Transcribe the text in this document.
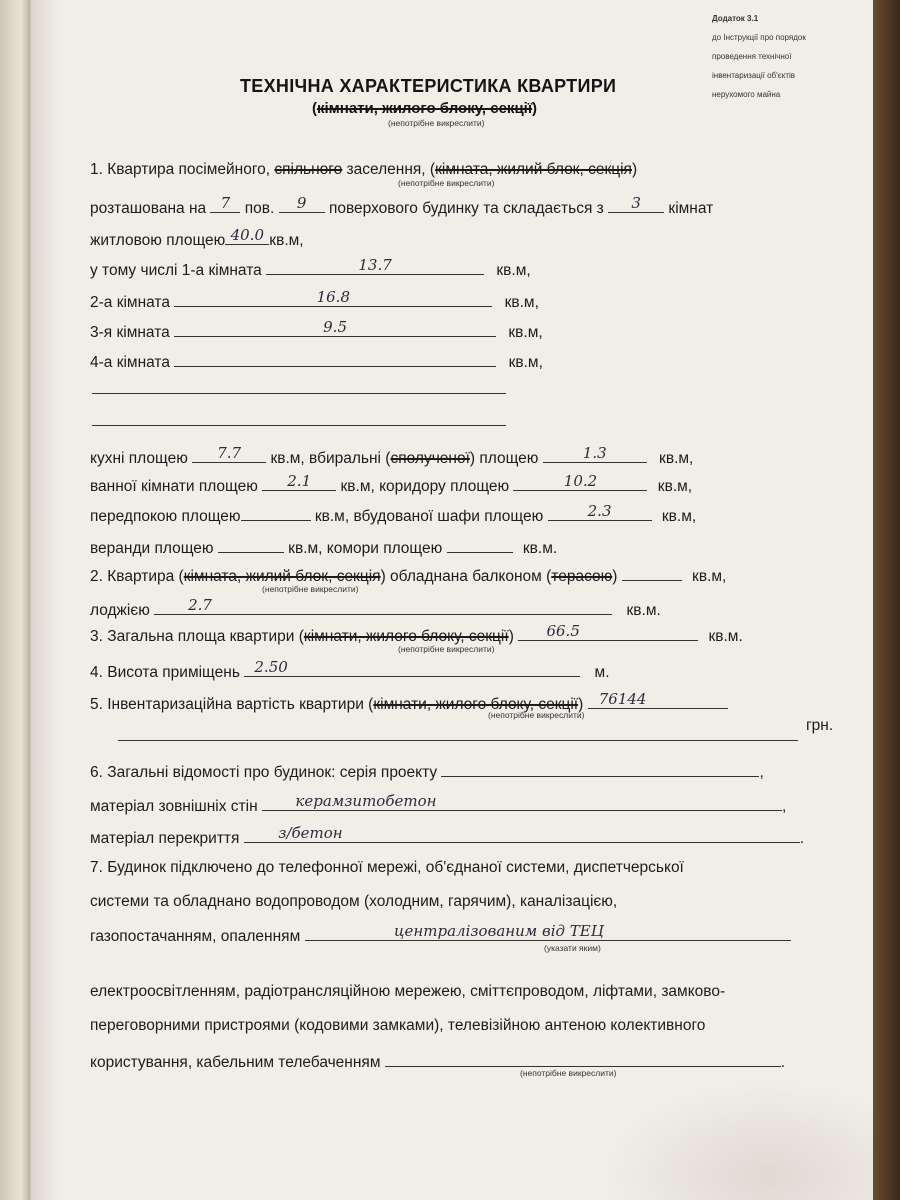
Додаток 3.1

до Інструкції про порядок

проведення технічної

інвентаризації об'єктів

нерухомого майна

ТЕХНІЧНА ХАРАКТЕРИСТИКА КВАРТИРИ
(кімнати, жилого блоку, секції)
(непотрібне викреслити)
1. Квартира посімейного, спільного заселення, (кімната, жилий блок, секція)
(непотрібне викреслити)
розташована на 7 пов. 9 поверхового будинку та складається з 3 кімнат
житловою площею 40.0 кв.м,
у тому числі 1-а кімната	13.7	кв.м,
2-а кімната	16.8	кв.м,
3-я кімната	9.5	кв.м,
4-а кімната	кв.м,
кухні площею 7.7 кв.м, вбиральні (сполученої) площею	1.3	кв.м,
ванної кімнати площею 2.1 кв.м, коридору площею	10.2	кв.м,
передпокою площею	кв.м, вбудованої шафи площею	2.3	кв.м,
веранди площею	кв.м, комори площею	кв.м.
2. Квартира (кімната, жилий блок, секція) обладнана балконом (терасою)	кв.м,
(непотрібне викреслити)
лоджією	2.7	кв.м.
3. Загальна площа квартири (кімнати, жилого блоку, секції) 66.5	кв.м.
(непотрібне викреслити)
4. Висота приміщень 2.50	м.
5. Інвентаризаційна вартість квартири (кімнати, жилого блоку, секції) 76144
(непотрібне викреслити)
грн.
6. Загальні відомості про будинок: серія проекту	,
матеріал зовнішніх стін	керамзитобетон	,
матеріал перекриття	з/бетон	.
7. Будинок підключено до телефонної мережі, об'єднаної системи, диспетчерської
системи та обладнано водопроводом (холодним, гарячим), каналізацією,
газопостачанням, опаленням	централізованим від ТЕЦ
(указати яким)
електроосвітленням, радіотрансляційною мережею, сміттєпроводом, ліфтами, замково-
переговорними пристроями (кодовими замками), телевізійною антеною колективного
користування, кабельним телебаченням	.
(непотрібне викреслити)
